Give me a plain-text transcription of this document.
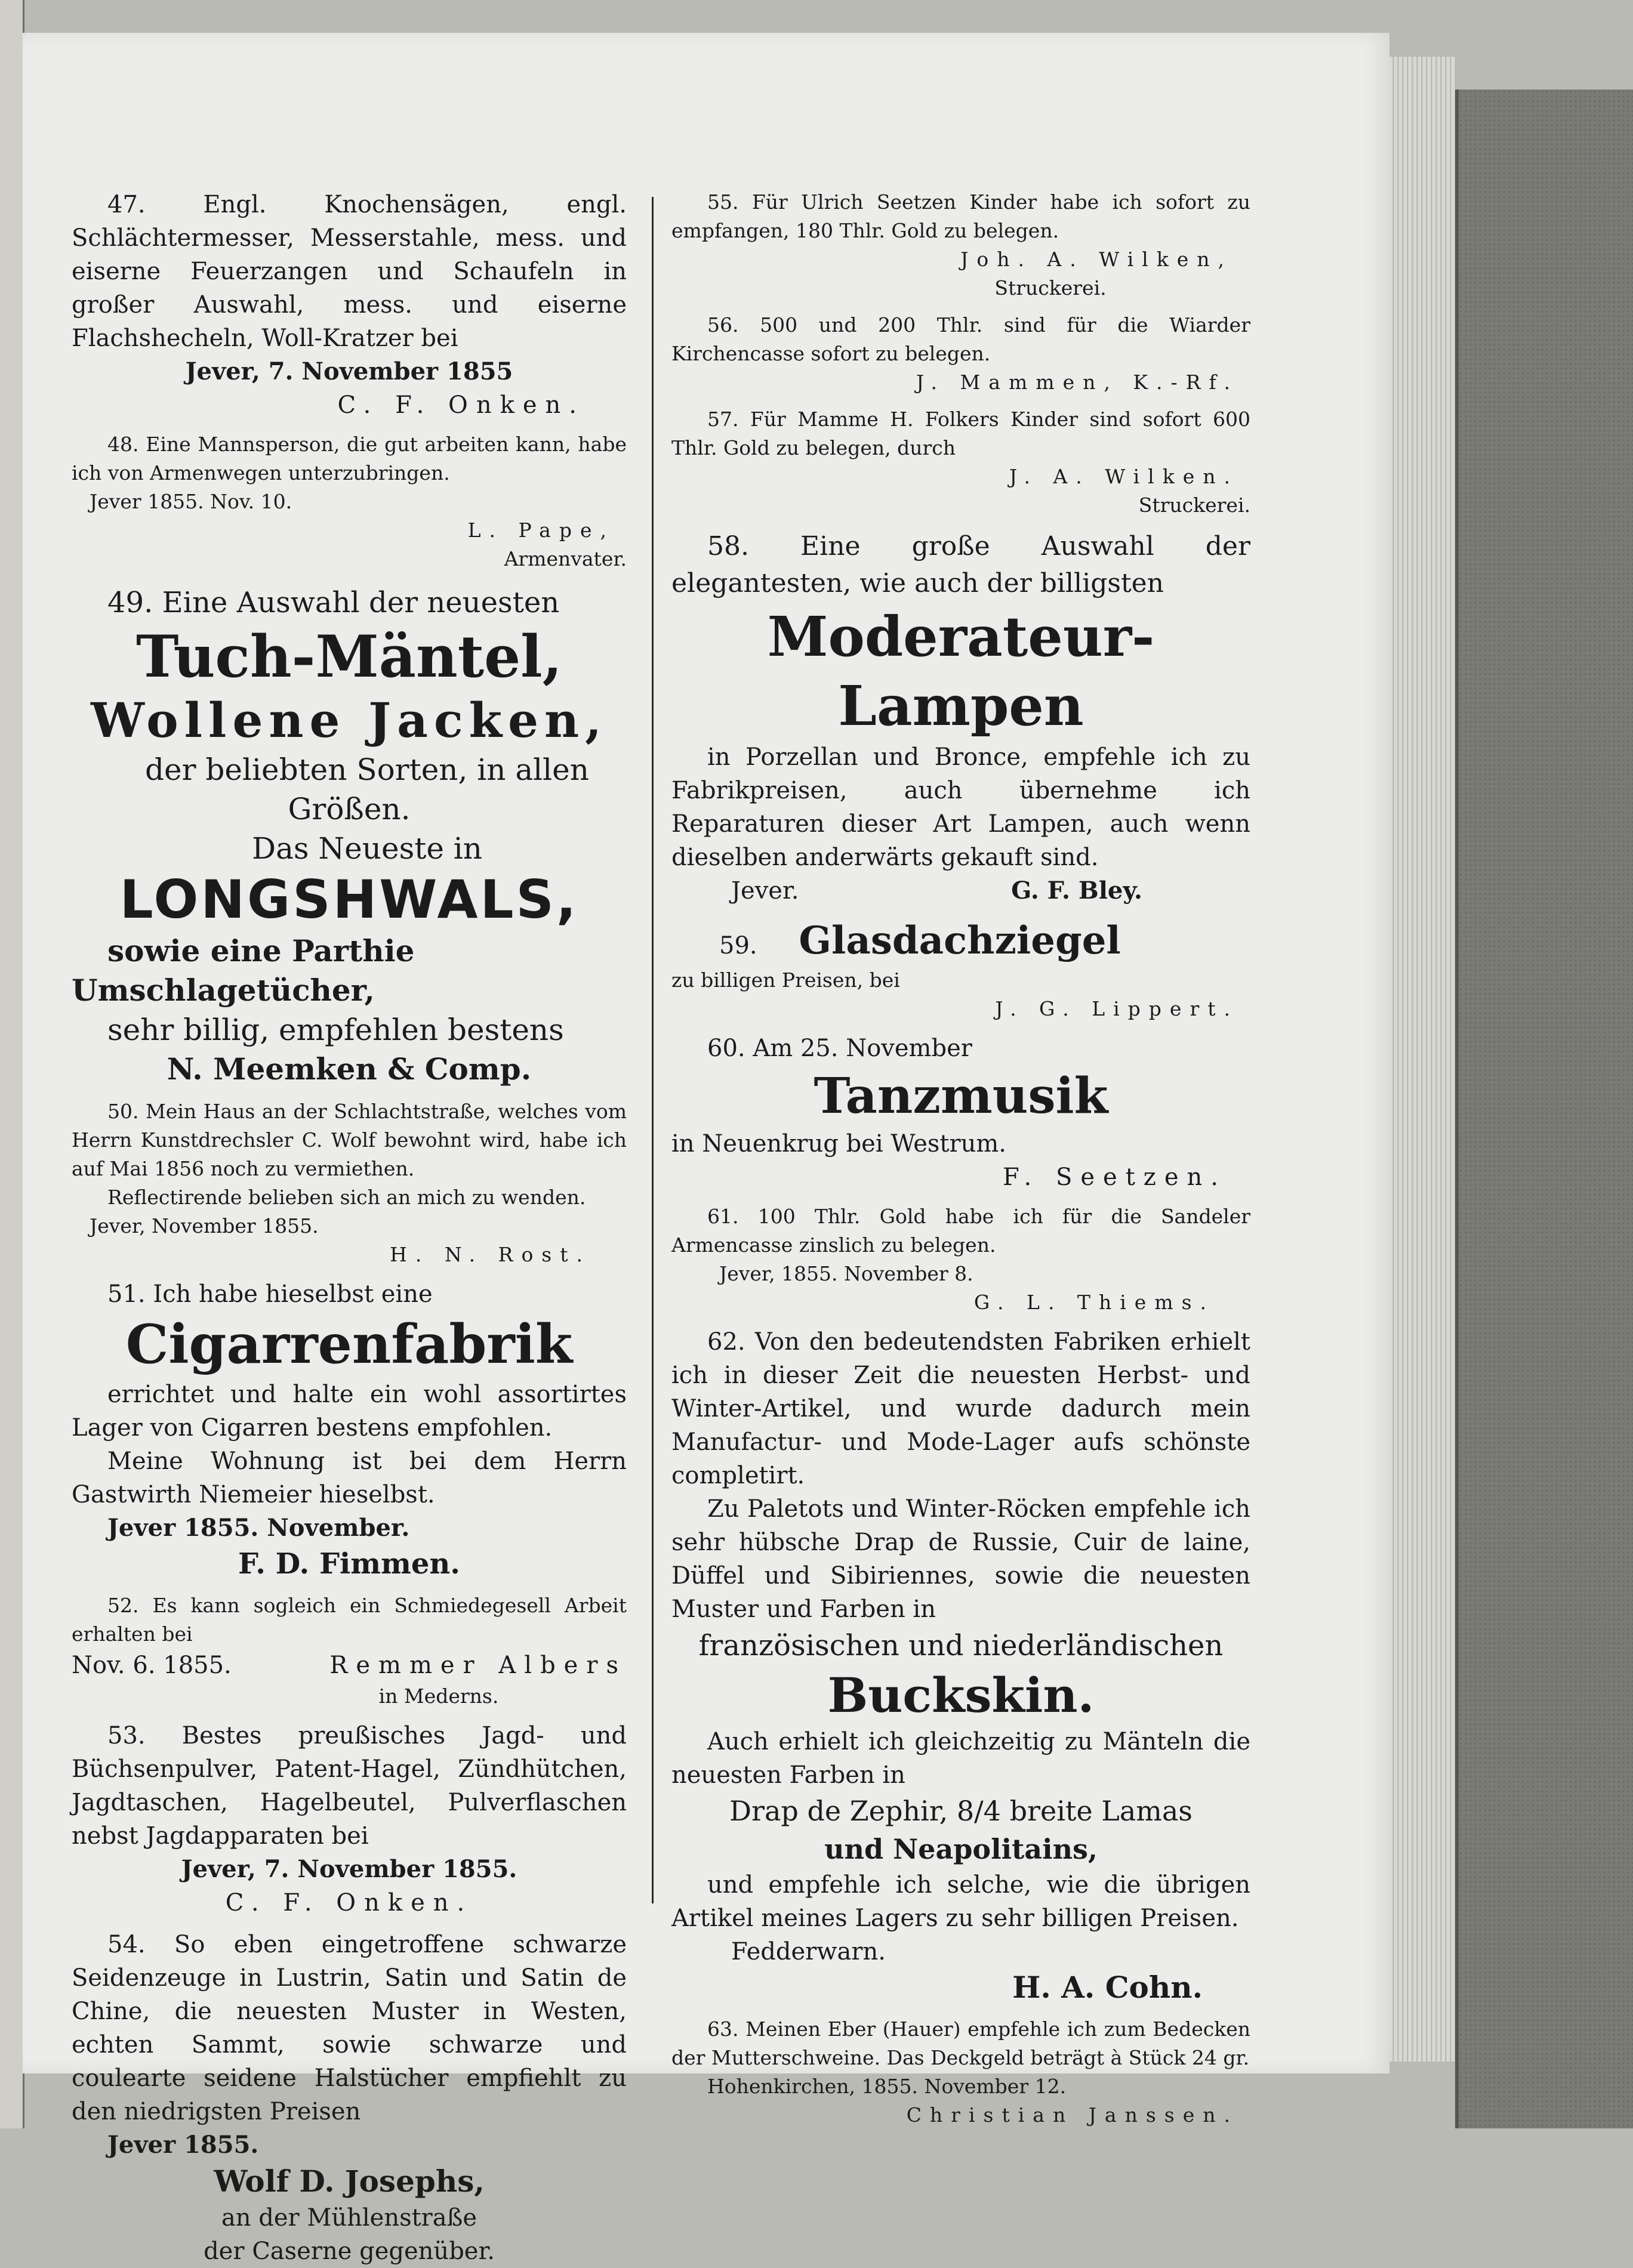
47. Engl. Knochensägen, engl. Schlächtermesser, Messerstahle, mess. und eiserne Feuerzangen und Schaufeln in großer Auswahl, mess. und eiserne Flachshecheln, Woll-Kratzer bei

Jever, 7. November 1855

C. F. Onken.

48. Eine Mannsperson, die gut arbeiten kann, habe ich von Armenwegen unterzubringen.

Jever 1855. Nov. 10.

L. Pape,

Armenvater.

49. Eine Auswahl der neuesten

Tuch-Mäntel,

Wollene Jacken,

der beliebten Sorten, in allen Größen.

Das Neueste in

LONGSHWALS,

sowie eine Parthie Umschlagetücher,

sehr billig, empfehlen bestens

N. Meemken & Comp.

50. Mein Haus an der Schlachtstraße, welches vom Herrn Kunstdrechsler C. Wolf bewohnt wird, habe ich auf Mai 1856 noch zu vermiethen.

Reflectirende belieben sich an mich zu wenden.

Jever, November 1855.

H. N. Rost.

51. Ich habe hieselbst eine

Cigarrenfabrik

errichtet und halte ein wohl assortirtes Lager von Cigarren bestens empfohlen.

Meine Wohnung ist bei dem Herrn Gastwirth Niemeier hieselbst.

Jever 1855. November.

F. D. Fimmen.

52. Es kann sogleich ein Schmiedegesell Arbeit erhalten bei

Nov. 6. 1855.	Remmer Albers

in Mederns.

53. Bestes preußisches Jagd- und Büchsenpulver, Patent-Hagel, Zündhütchen, Jagdtaschen, Hagelbeutel, Pulverflaschen nebst Jagdapparaten bei

Jever, 7. November 1855.

C. F. Onken.

54. So eben eingetroffene schwarze Seidenzeuge in Lustrin, Satin und Satin de Chine, die neuesten Muster in Westen, echten Sammt, sowie schwarze und coulearte seidene Halstücher empfiehlt zu den niedrigsten Preisen

Jever 1855.

Wolf D. Josephs,

an der Mühlenstraße

der Caserne gegenüber.

55. Für Ulrich Seetzen Kinder habe ich sofort zu empfangen, 180 Thlr. Gold zu belegen.

Joh. A. Wilken,

Struckerei.

56. 500 und 200 Thlr. sind für die Wiarder Kirchencasse sofort zu belegen.

J. Mammen, K.-Rf.

57. Für Mamme H. Folkers Kinder sind sofort 600 Thlr. Gold zu belegen, durch

J. A. Wilken.

Struckerei.

58. Eine große Auswahl der elegantesten, wie auch der billigsten

Moderateur-Lampen

in Porzellan und Bronce, empfehle ich zu Fabrikpreisen, auch übernehme ich Reparaturen dieser Art Lampen, auch wenn dieselben anderwärts gekauft sind.

Jever.	G. F. Bley.

59. Glasdachziegel

zu billigen Preisen, bei

J. G. Lippert.

60. Am 25. November

Tanzmusik

in Neuenkrug bei Westrum.

F. Seetzen.

61. 100 Thlr. Gold habe ich für die Sandeler Armencasse zinslich zu belegen.

Jever, 1855. November 8.

G. L. Thiems.

62. Von den bedeutendsten Fabriken erhielt ich in dieser Zeit die neuesten Herbst- und Winter-Artikel, und wurde dadurch mein Manufactur- und Mode-Lager aufs schönste completirt.

Zu Paletots und Winter-Röcken empfehle ich sehr hübsche Drap de Russie, Cuir de laine, Düffel und Sibiriennes, sowie die neuesten Muster und Farben in

französischen und niederländischen

Buckskin.

Auch erhielt ich gleichzeitig zu Mänteln die neuesten Farben in

Drap de Zephir, 8/4 breite Lamas

und Neapolitains,

und empfehle ich selche, wie die übrigen Artikel meines Lagers zu sehr billigen Preisen.

Fedderwarn.

H. A. Cohn.

63. Meinen Eber (Hauer) empfehle ich zum Bedecken der Mutterschweine. Das Deckgeld beträgt à Stück 24 gr.

Hohenkirchen, 1855. November 12.

Christian Janssen.
